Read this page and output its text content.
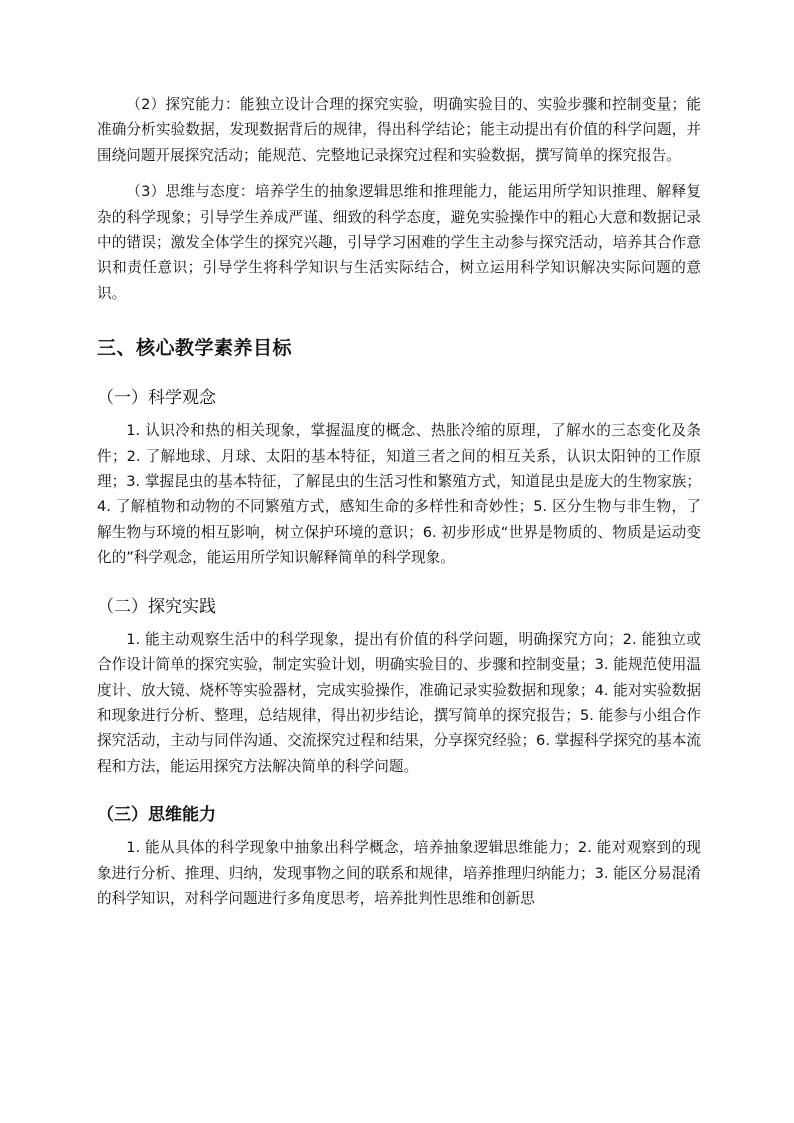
（2）探究能力：能独立设计合理的探究实验，明确实验目的、实验步骤和控制变量；能准确分析实验数据，发现数据背后的规律，得出科学结论；能主动提出有价值的科学问题，并围绕问题开展探究活动；能规范、完整地记录探究过程和实验数据，撰写简单的探究报告。

（3）思维与态度：培养学生的抽象逻辑思维和推理能力，能运用所学知识推理、解释复杂的科学现象；引导学生养成严谨、细致的科学态度，避免实验操作中的粗心大意和数据记录中的错误；激发全体学生的探究兴趣，引导学习困难的学生主动参与探究活动，培养其合作意识和责任意识；引导学生将科学知识与生活实际结合，树立运用科学知识解决实际问题的意识。

三、核心教学素养目标
（一）科学观念

1. 认识冷和热的相关现象，掌握温度的概念、热胀冷缩的原理，了解水的三态变化及条件；2. 了解地球、月球、太阳的基本特征，知道三者之间的相互关系，认识太阳钟的工作原理；3. 掌握昆虫的基本特征，了解昆虫的生活习性和繁殖方式，知道昆虫是庞大的生物家族；4. 了解植物和动物的不同繁殖方式，感知生命的多样性和奇妙性；5. 区分生物与非生物，了解生物与环境的相互影响，树立保护环境的意识；6. 初步形成“世界是物质的、物质是运动变化的”科学观念，能运用所学知识解释简单的科学现象。

（二）探究实践

1. 能主动观察生活中的科学现象，提出有价值的科学问题，明确探究方向；2. 能独立或合作设计简单的探究实验，制定实验计划，明确实验目的、步骤和控制变量；3. 能规范使用温度计、放大镜、烧杯等实验器材，完成实验操作，准确记录实验数据和现象；4. 能对实验数据和现象进行分析、整理，总结规律，得出初步结论，撰写简单的探究报告；5. 能参与小组合作探究活动，主动与同伴沟通、交流探究过程和结果，分享探究经验；6. 掌握科学探究的基本流程和方法，能运用探究方法解决简单的科学问题。

（三）思维能力

1. 能从具体的科学现象中抽象出科学概念，培养抽象逻辑思维能力；2. 能对观察到的现象进行分析、推理、归纳，发现事物之间的联系和规律，培养推理归纳能力；3. 能区分易混淆的科学知识，对科学问题进行多角度思考，培养批判性思维和创新思
